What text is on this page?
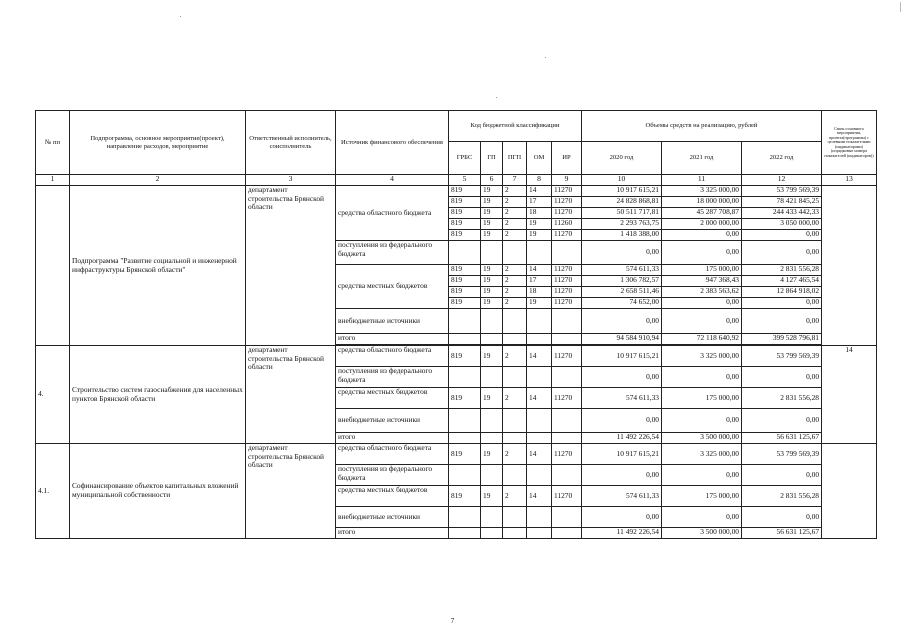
№ пп	Подпрограмма, основное мероприятие(проект), направление расходов, мероприятие	Ответственный исполнитель, соисполнитель	Источник финансового обеспечения	Код бюджетной классификации					Объемы средств на реализацию, рублей			Связь основного мероприятия, проекта(программы) с целевыми показателями (индикаторами) (порядковые номера показателей (индикаторов))
				ГРБС	ГП	ПГП	ОМ	ИР	2020 год	2021 год	2022 год	
1	2	3	4	5	6	7	8	9	10	11	12	13
	Подпрограмма "Развитие социальной и инженерной инфраструктуры Брянской области"	департамент строительства Брянской области	средства областного бюджета	819	19	2	14	11270	10 917 615,21	3 325 000,00	53 799 569,39	
				819	19	2	17	11270	24 828 868,81	18 000 000,00	78 421 845,25	
				819	19	2	18	11270	50 511 717,81	45 287 708,87	244 433 442,33	
				819	19	2	19	11260	2 293 763,75	2 000 000,00	3 050 000,00	
				819	19	2	19	11270	1 418 388,00	0,00	0,00	
			поступления из федерального бюджета						0,00	0,00	0,00	
			средства местных бюджетов	819	19	2	14	11270	574 611,33	175 000,00	2 831 556,28	
				819	19	2	17	11270	1 306 782,57	947 368,43	4 127 465,54	
				819	19	2	18	11270	2 658 511,46	2 383 563,62	12 864 918,02	
				819	19	2	19	11270	74 652,00	0,00	0,00	
			внебюджетные источники						0,00	0,00	0,00	
			итого						94 584 910,94	72 118 640,92	399 528 796,81	

4.	Строительство систем газоснабжения для населенных пунктов Брянской области	департамент строительства Брянской области	средства областного бюджета	819	19	2	14	11270	10 917 615,21	3 325 000,00	53 799 569,39	14
			поступления из федерального бюджета						0,00	0,00	0,00	
			средства местных бюджетов	819	19	2	14	11270	574 611,33	175 000,00	2 831 556,28	
			внебюджетные источники						0,00	0,00	0,00	
			итого						11 492 226,54	3 500 000,00	56 631 125,67	
4.1.	Софинансирование объектов капитальных вложений муниципальной собственности	департамент строительства Брянской области	средства областного бюджета	819	19	2	14	11270	10 917 615,21	3 325 000,00	53 799 569,39	
			поступления из федерального бюджета						0,00	0,00	0,00	
			средства местных бюджетов	819	19	2	14	11270	574 611,33	175 000,00	2 831 556,28	
			внебюджетные источники						0,00	0,00	0,00	
			итого						11 492 226,54	3 500 000,00	56 631 125,67	
7
